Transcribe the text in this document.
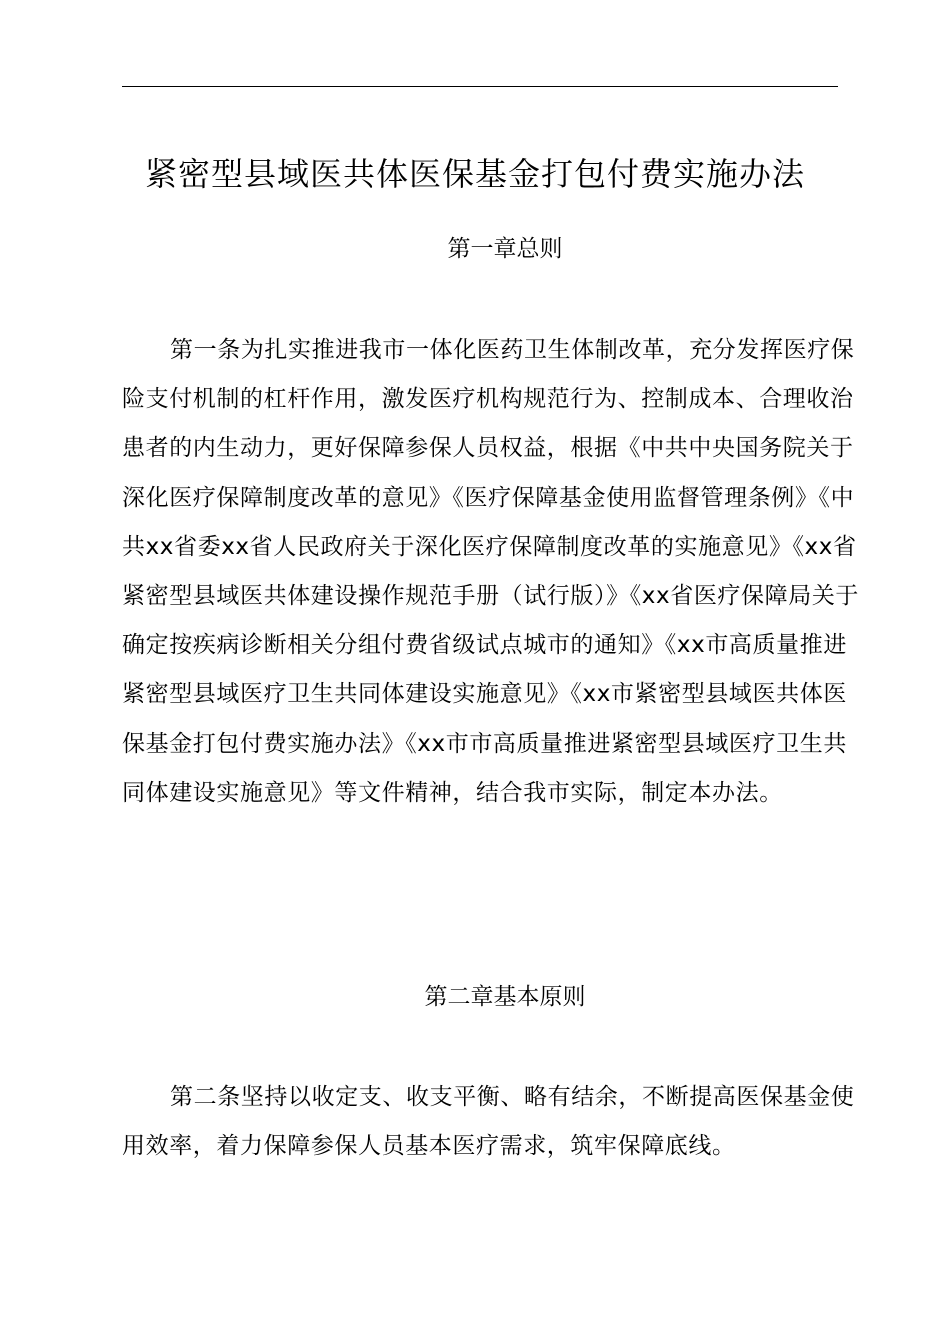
紧密型县域医共体医保基金打包付费实施办法
第一章总则

第一条为扎实推进我市一体化医药卫生体制改革，充分发挥医疗保险支付机制的杠杆作用，激发医疗机构规范行为、控制成本、合理收治患者的内生动力，更好保障参保人员权益，根据《中共中央国务院关于深化医疗保障制度改革的意见》《医疗保障基金使用监督管理条例》《中共xx省委xx省人民政府关于深化医疗保障制度改革的实施意见》《xx省紧密型县域医共体建设操作规范手册（试行版）》《xx省医疗保障局关于确定按疾病诊断相关分组付费省级试点城市的通知》《xx市高质量推进紧密型县域医疗卫生共同体建设实施意见》《xx市紧密型县域医共体医保基金打包付费实施办法》《xx市市高质量推进紧密型县域医疗卫生共同体建设实施意见》等文件精神，结合我市实际，制定本办法。

第二章基本原则

第二条坚持以收定支、收支平衡、略有结余，不断提高医保基金使用效率，着力保障参保人员基本医疗需求，筑牢保障底线。
